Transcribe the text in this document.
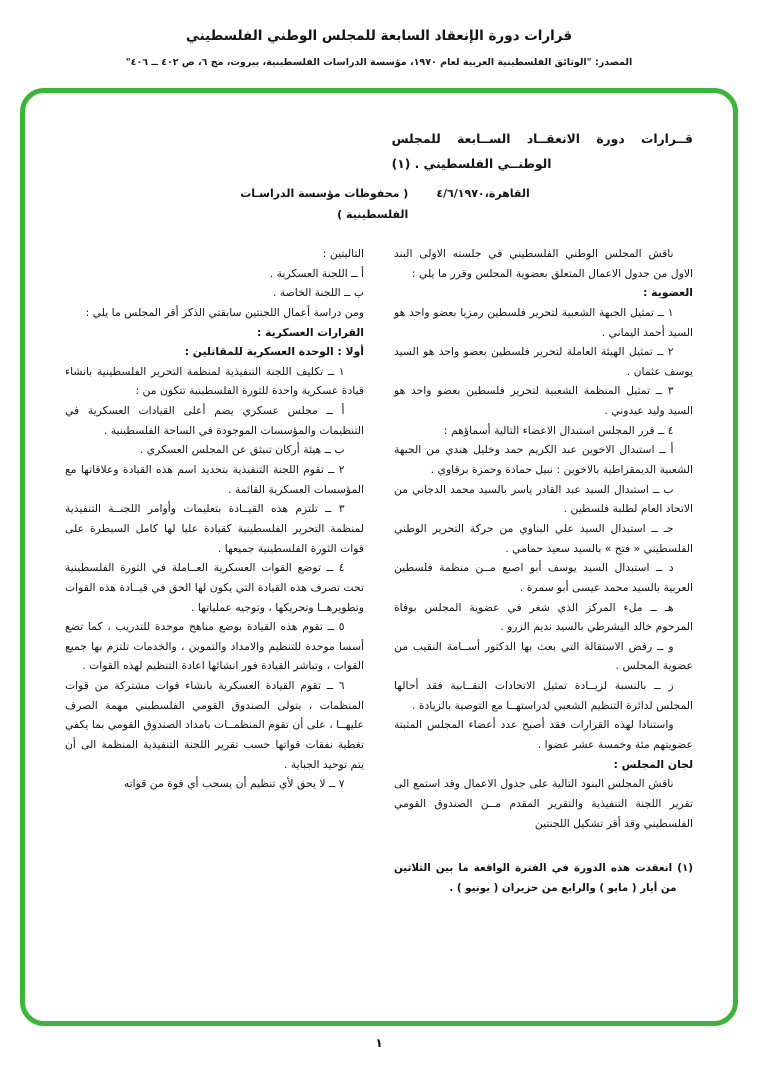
قرارات دورة الإنعقاد السابعة للمجلس الوطني الفلسطيني
المصدر: "الوثائق الفلسطينية العربية لعام ١٩٧٠، مؤسسة الدراسات الفلسطينية، بيروت، مج ٦، ص ٤٠٢ ــ ٤٠٦"
قــرارات دورة الانعقــاد الســابعة للمجلس الوطنــي الفلسطيني . (١)
القاهرة،٤/٦/١٩٧٠
( محفوظات مؤسسة الدراسـات الفلسطينية )

ناقش المجلس الوطني الفلسطيني في جلسته الاولى البند الاول من جدول الاعمال المتعلق بعضوية المجلس وقرر ما يلي :

العضوية :

١ ــ تمثيل الجبهة الشعبية لتحرير فلسطين رمزيا بعضو واحد هو السيد أحمد اليماني .

٢ ــ تمثيل الهيئة العاملة لتحرير فلسطين بعضو واحد هو السيد يوسف عثمان .

٣ ــ تمثيل المنظمة الشعبية لتحرير فلسطين بعضو واحد هو السيد وليد عيدوني .

٤ ــ قرر المجلس استبدال الاعضاء التالية أسماؤهم :

أ ــ استبدال الاخوين عبد الكريم حمد وخليل هندي من الجبهة الشعبية الديمقراطية بالاخوين : نبيل حمادة وحمزة برقاوي .

ب ــ استبدال السيد عبد القادر ياسر بالسيد محمد الدجاني من الاتحاد العام لطلبة فلسطين .

جـ ــ استبدال السيد علي البناوي من حركة التحرير الوطني الفلسطيني « فتح » بالسيد سعيد حمامي .

د ــ استبدال السيد يوسف أبو اصبع مــن منظمة فلسطين العربية بالسيد محمد عيسى أبو سمرة .

هـ ــ ملء المركز الذي شغر في عضوية المجلس بوفاة المرحوم خالد اليشرطي بالسيد نديم الزرو .

و ــ رفض الاستقالة التي بعث بها الدكتور أســامة النقيب من عضوية المجلس .

ز ــ بالنسبة لزيــادة تمثيل الاتحادات النقــابية فقد أحالها المجلس لدائرة التنظيم الشعبي لدراستهــا مع التوصية بالزيادة .

واستنادا لهذه القرارات فقد أصبح عدد أعضاء المجلس المثبتة عضويتهم مئة وخمسة عشر عضوا .

لجان المجلس :

ناقش المجلس البنود التالية على جدول الاعمال وقد استمع الى تقرير اللجنة التنفيذية والتقرير المقدم مــن الصندوق القومي الفلسطيني وقد أقر تشكيل اللجنتين

(١) انعقدت هذه الدورة في الفترة الواقعة ما بين الثلاثين من أيار ( مايو ) والرابع من حزيران ( يونيو ) .

التاليتين :

أ ــ اللجنة العسكرية .

ب ــ اللجنة الخاصة .

ومن دراسة أعمال اللجنتين سابقتي الذكر أقر المجلس ما يلي :

القرارات العسكرية :

أولا : الوحدة العسكرية للمقاتلين :

١ ــ تكليف اللجنة التنفيذية لمنظمة التحرير الفلسطينية بانشاء قيادة عسكرية واحدة للثورة الفلسطينية تتكون من :

أ ــ مجلس عسكري يضم أعلى القيادات العسكرية في التنظيمات والمؤسسات الموجودة في الساحة الفلسطينية .

ب ــ هيئة أركان تنبثق عن المجلس العسكري .

٢ ــ تقوم اللجنة التنفيذية بتحديد اسم هذه القيادة وعلاقاتها مع المؤسسات العسكرية القائمة .

٣ ــ تلتزم هذه القيــادة بتعليمات وأوامر اللجنــة التنفيذية لمنظمة التحرير الفلسطينية كقيادة عليا لها كامل السيطرة على قوات الثورة الفلسطينية جميعها .

٤ ــ توضع القوات العسكرية العــاملة في الثورة الفلسطينية تحت تصرف هذه القيادة التي يكون لها الحق في قيــادة هذه القوات وتطويرهــا وتحريكها ، وتوجيه عملياتها .

٥ ــ تقوم هذه القيادة بوضع مناهج موحدة للتدريب ، كما تضع أسسا موحدة للتنظيم والامداد والتموين ، والخدمات تلتزم بها جميع القوات ، وتباشر القيادة فور انشائها اعادة التنظيم لهذه القوات .

٦ ــ تقوم القيادة العسكرية بانشاء قوات مشتركة من قوات المنظمات ، يتولى الصندوق القومي الفلسطيني مهمة الصرف عليهــا ، على أن تقوم المنظمــات بامداد الصندوق القومي بما يكفي تغطية نفقات قواتها حسب تقرير اللجنة التنفيذية المنظمة الى أن يتم توحيد الجباية .

٧ ــ لا يحق لأي تنظيم أن يسحب أي قوة من قواته

١
